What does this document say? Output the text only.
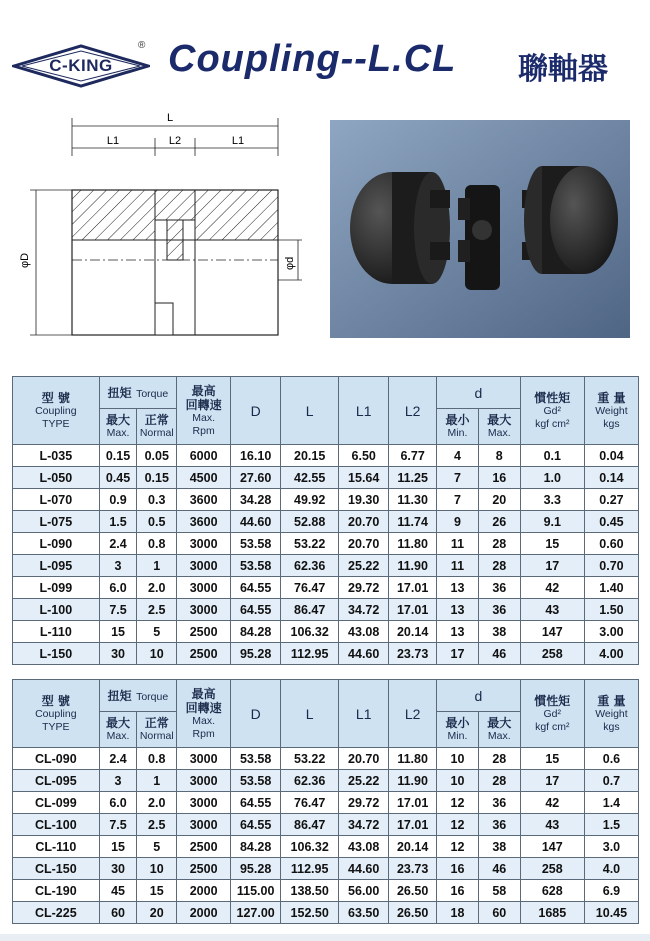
C-KING
® Coupling--L.CL 聯軸器
L
L1	L2	L1
φD	φd
型 號
Coupling
TYPE	扭矩 Torque		最高
回轉速
Max.
Rpm	D	L	L1	L2	d		慣性矩
Gd²
kgf cm²	重 量
Weight
kgs

	最大
Max.	正常
Normal						最小
Min.	最大
Max.		

L-035	0.15	0.05	6000	16.10	20.15	6.50	6.77	4	8	0.1	0.04
L-050	0.45	0.15	4500	27.60	42.55	15.64	11.25	7	16	1.0	0.14
L-070	0.9	0.3	3600	34.28	49.92	19.30	11.30	7	20	3.3	0.27
L-075	1.5	0.5	3600	44.60	52.88	20.70	11.74	9	26	9.1	0.45
L-090	2.4	0.8	3000	53.58	53.22	20.70	11.80	11	28	15	0.60
L-095	3	1	3000	53.58	62.36	25.22	11.90	11	28	17	0.70
L-099	6.0	2.0	3000	64.55	76.47	29.72	17.01	13	36	42	1.40
L-100	7.5	2.5	3000	64.55	86.47	34.72	17.01	13	36	43	1.50
L-110	15	5	2500	84.28	106.32	43.08	20.14	13	38	147	3.00
L-150	30	10	2500	95.28	112.95	44.60	23.73	17	46	258	4.00
型 號
Coupling
TYPE	扭矩 Torque		最高
回轉速
Max.
Rpm	D	L	L1	L2	d		慣性矩
Gd²
kgf cm²	重 量
Weight
kgs

	最大
Max.	正常
Normal						最小
Min.	最大
Max.		

CL-090	2.4	0.8	3000	53.58	53.22	20.70	11.80	10	28	15	0.6
CL-095	3	1	3000	53.58	62.36	25.22	11.90	10	28	17	0.7
CL-099	6.0	2.0	3000	64.55	76.47	29.72	17.01	12	36	42	1.4
CL-100	7.5	2.5	3000	64.55	86.47	34.72	17.01	12	36	43	1.5
CL-110	15	5	2500	84.28	106.32	43.08	20.14	12	38	147	3.0
CL-150	30	10	2500	95.28	112.95	44.60	23.73	16	46	258	4.0
CL-190	45	15	2000	115.00	138.50	56.00	26.50	16	58	628	6.9
CL-225	60	20	2000	127.00	152.50	63.50	26.50	18	60	1685	10.45
